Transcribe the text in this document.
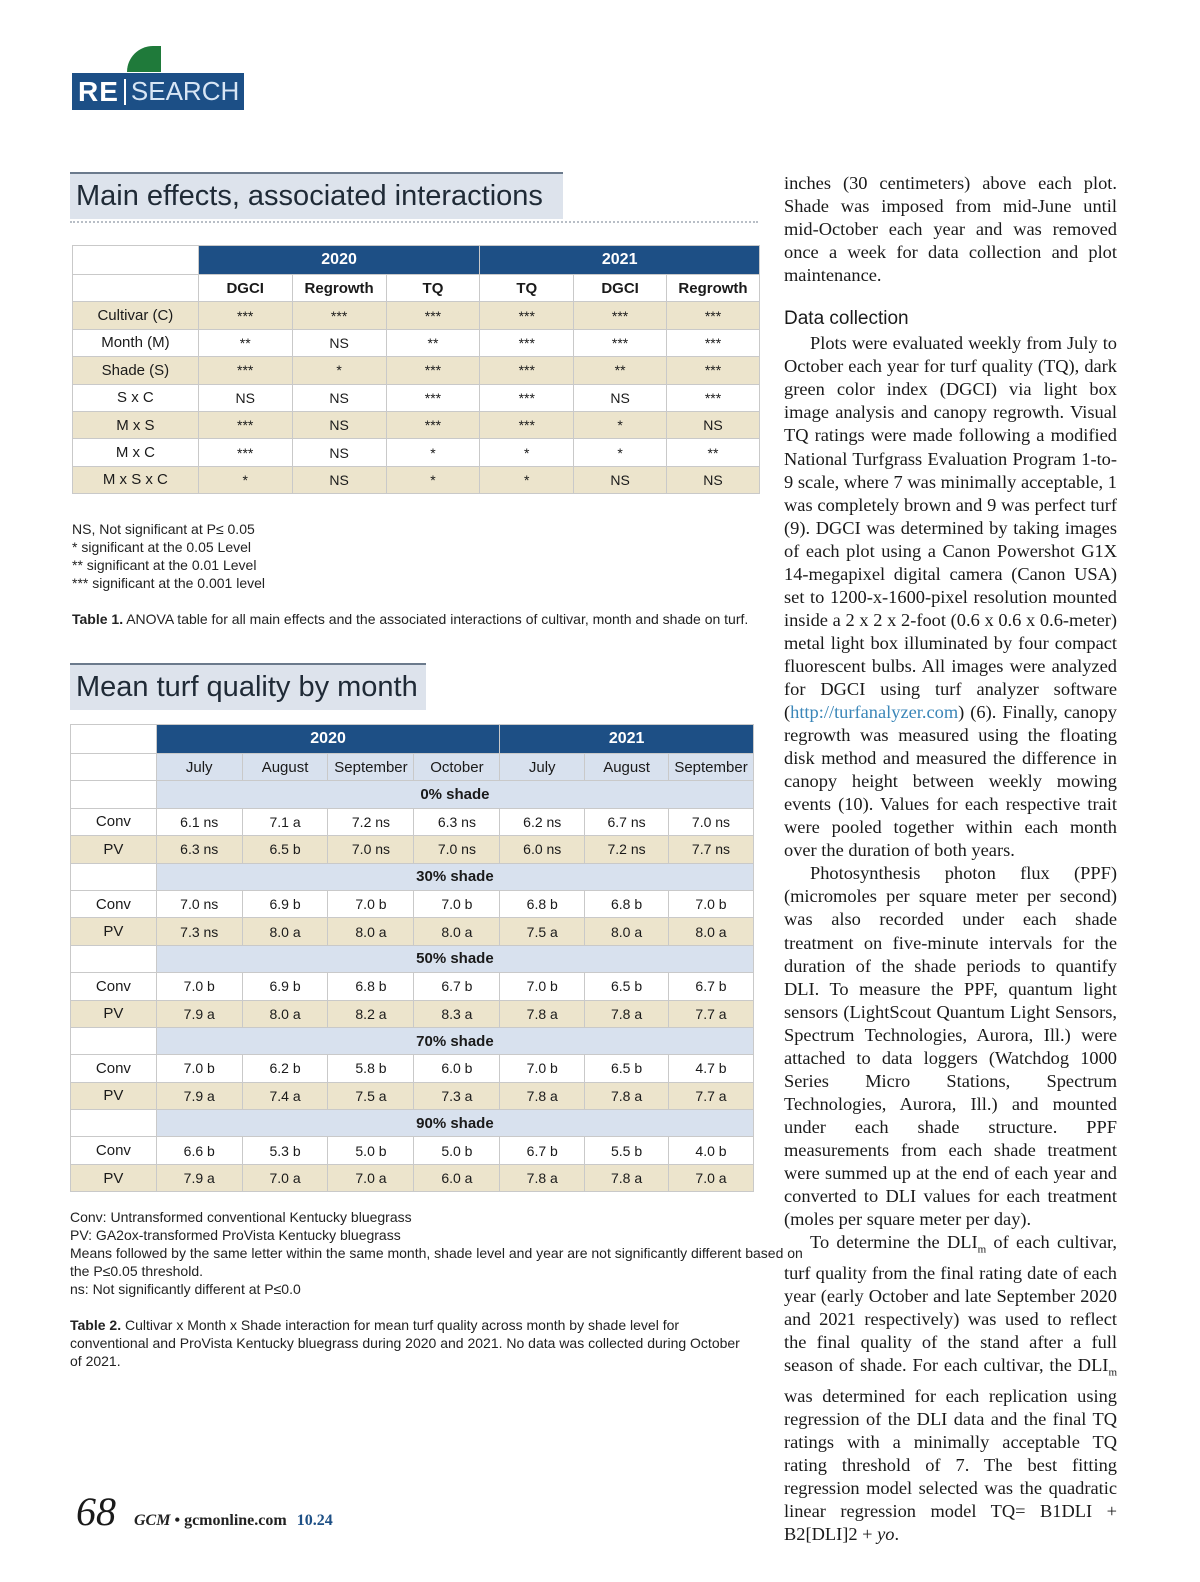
RE SEARCH
Main effects, associated interactions
	2020			2021		
	DGCI	Regrowth	TQ	TQ	DGCI	Regrowth
Cultivar (C)	***	***	***	***	***	***
Month (M)	**	NS	**	***	***	***
Shade (S)	***	*	***	***	**	***
S x C	NS	NS	***	***	NS	***
M x S	***	NS	***	***	*	NS
M x C	***	NS	*	*	*	**
M x S x C	*	NS	*	*	NS	NS
NS, Not significant at P≤ 0.05
* significant at the 0.05 Level
** significant at the 0.01 Level
*** significant at the 0.001 level
Table 1. ANOVA table for all main effects and the associated interactions of cultivar, month and shade on turf.
Mean turf quality by month
	2020				2021		
	July	August	September	October	July	August	September
	0% shade						
Conv	6.1 ns	7.1 a	7.2 ns	6.3 ns	6.2 ns	6.7 ns	7.0 ns
PV	6.3 ns	6.5 b	7.0 ns	7.0 ns	6.0 ns	7.2 ns	7.7 ns
	30% shade						
Conv	7.0 ns	6.9 b	7.0 b	7.0 b	6.8 b	6.8 b	7.0 b
PV	7.3 ns	8.0 a	8.0 a	8.0 a	7.5 a	8.0 a	8.0 a
	50% shade						
Conv	7.0 b	6.9 b	6.8 b	6.7 b	7.0 b	6.5 b	6.7 b
PV	7.9 a	8.0 a	8.2 a	8.3 a	7.8 a	7.8 a	7.7 a
	70% shade						
Conv	7.0 b	6.2 b	5.8 b	6.0 b	7.0 b	6.5 b	4.7 b
PV	7.9 a	7.4 a	7.5 a	7.3 a	7.8 a	7.8 a	7.7 a
	90% shade						
Conv	6.6 b	5.3 b	5.0 b	5.0 b	6.7 b	5.5 b	4.0 b
PV	7.9 a	7.0 a	7.0 a	6.0 a	7.8 a	7.8 a	7.0 a
Conv: Untransformed conventional Kentucky bluegrass
PV: GA2ox-transformed ProVista Kentucky bluegrass
Means followed by the same letter within the same month, shade level and year are not significantly different based on
the P≤0.05 threshold.
ns: Not significantly different at P≤0.0
Table 2. Cultivar x Month x Shade interaction for mean turf quality across month by shade level for conventional and ProVista Kentucky bluegrass during 2020 and 2021. No data was collected during October of 2021.

inches (30 centimeters) above each plot. Shade was imposed from mid-June until mid-October each year and was removed once a week for data collection and plot maintenance.

Data collection

Plots were evaluated weekly from July to October each year for turf quality (TQ), dark green color index (DGCI) via light box image analysis and canopy regrowth. Visual TQ ratings were made following a modified National Turfgrass Evaluation Program 1-to-9 scale, where 7 was minimally acceptable, 1 was completely brown and 9 was perfect turf (9). DGCI was determined by taking images of each plot using a Canon Powershot G1X 14-megapixel digital camera (Canon USA) set to 1200-x-1600-pixel resolution mounted inside a 2 x 2 x 2-foot (0.6 x 0.6 x 0.6-meter) metal light box illuminated by four compact fluorescent bulbs. All images were analyzed for DGCI using turf analyzer software (http://turfanalyzer.com) (6). Finally, canopy regrowth was measured using the floating disk method and measured the difference in canopy height between weekly mowing events (10). Values for each respective trait were pooled together within each month over the duration of both years.

Photosynthesis photon flux (PPF) (micromoles per square meter per second) was also recorded under each shade treatment on five-minute intervals for the duration of the shade periods to quantify DLI. To measure the PPF, quantum light sensors (LightScout Quantum Light Sensors, Spectrum Technologies, Aurora, Ill.) were attached to data loggers (Watchdog 1000 Series Micro Stations, Spectrum Technologies, Aurora, Ill.) and mounted under each shade structure. PPF measurements from each shade treatment were summed up at the end of each year and converted to DLI values for each treatment (moles per square meter per day).

To determine the $DLI_m$ of each cultivar, turf quality from the final rating date of each year (early October and late September 2020 and 2021 respectively) was used to reflect the final quality of the stand after a full season of shade. For each cultivar, the $DLI_m$ was determined for each replication using regression of the DLI data and the final TQ ratings with a minimally acceptable TQ rating threshold of 7. The best fitting regression model selected was the quadratic linear regression model TQ= B1DLI + B2[DLI]2 + yo.

68 GCM • gcmonline.com 10.24
